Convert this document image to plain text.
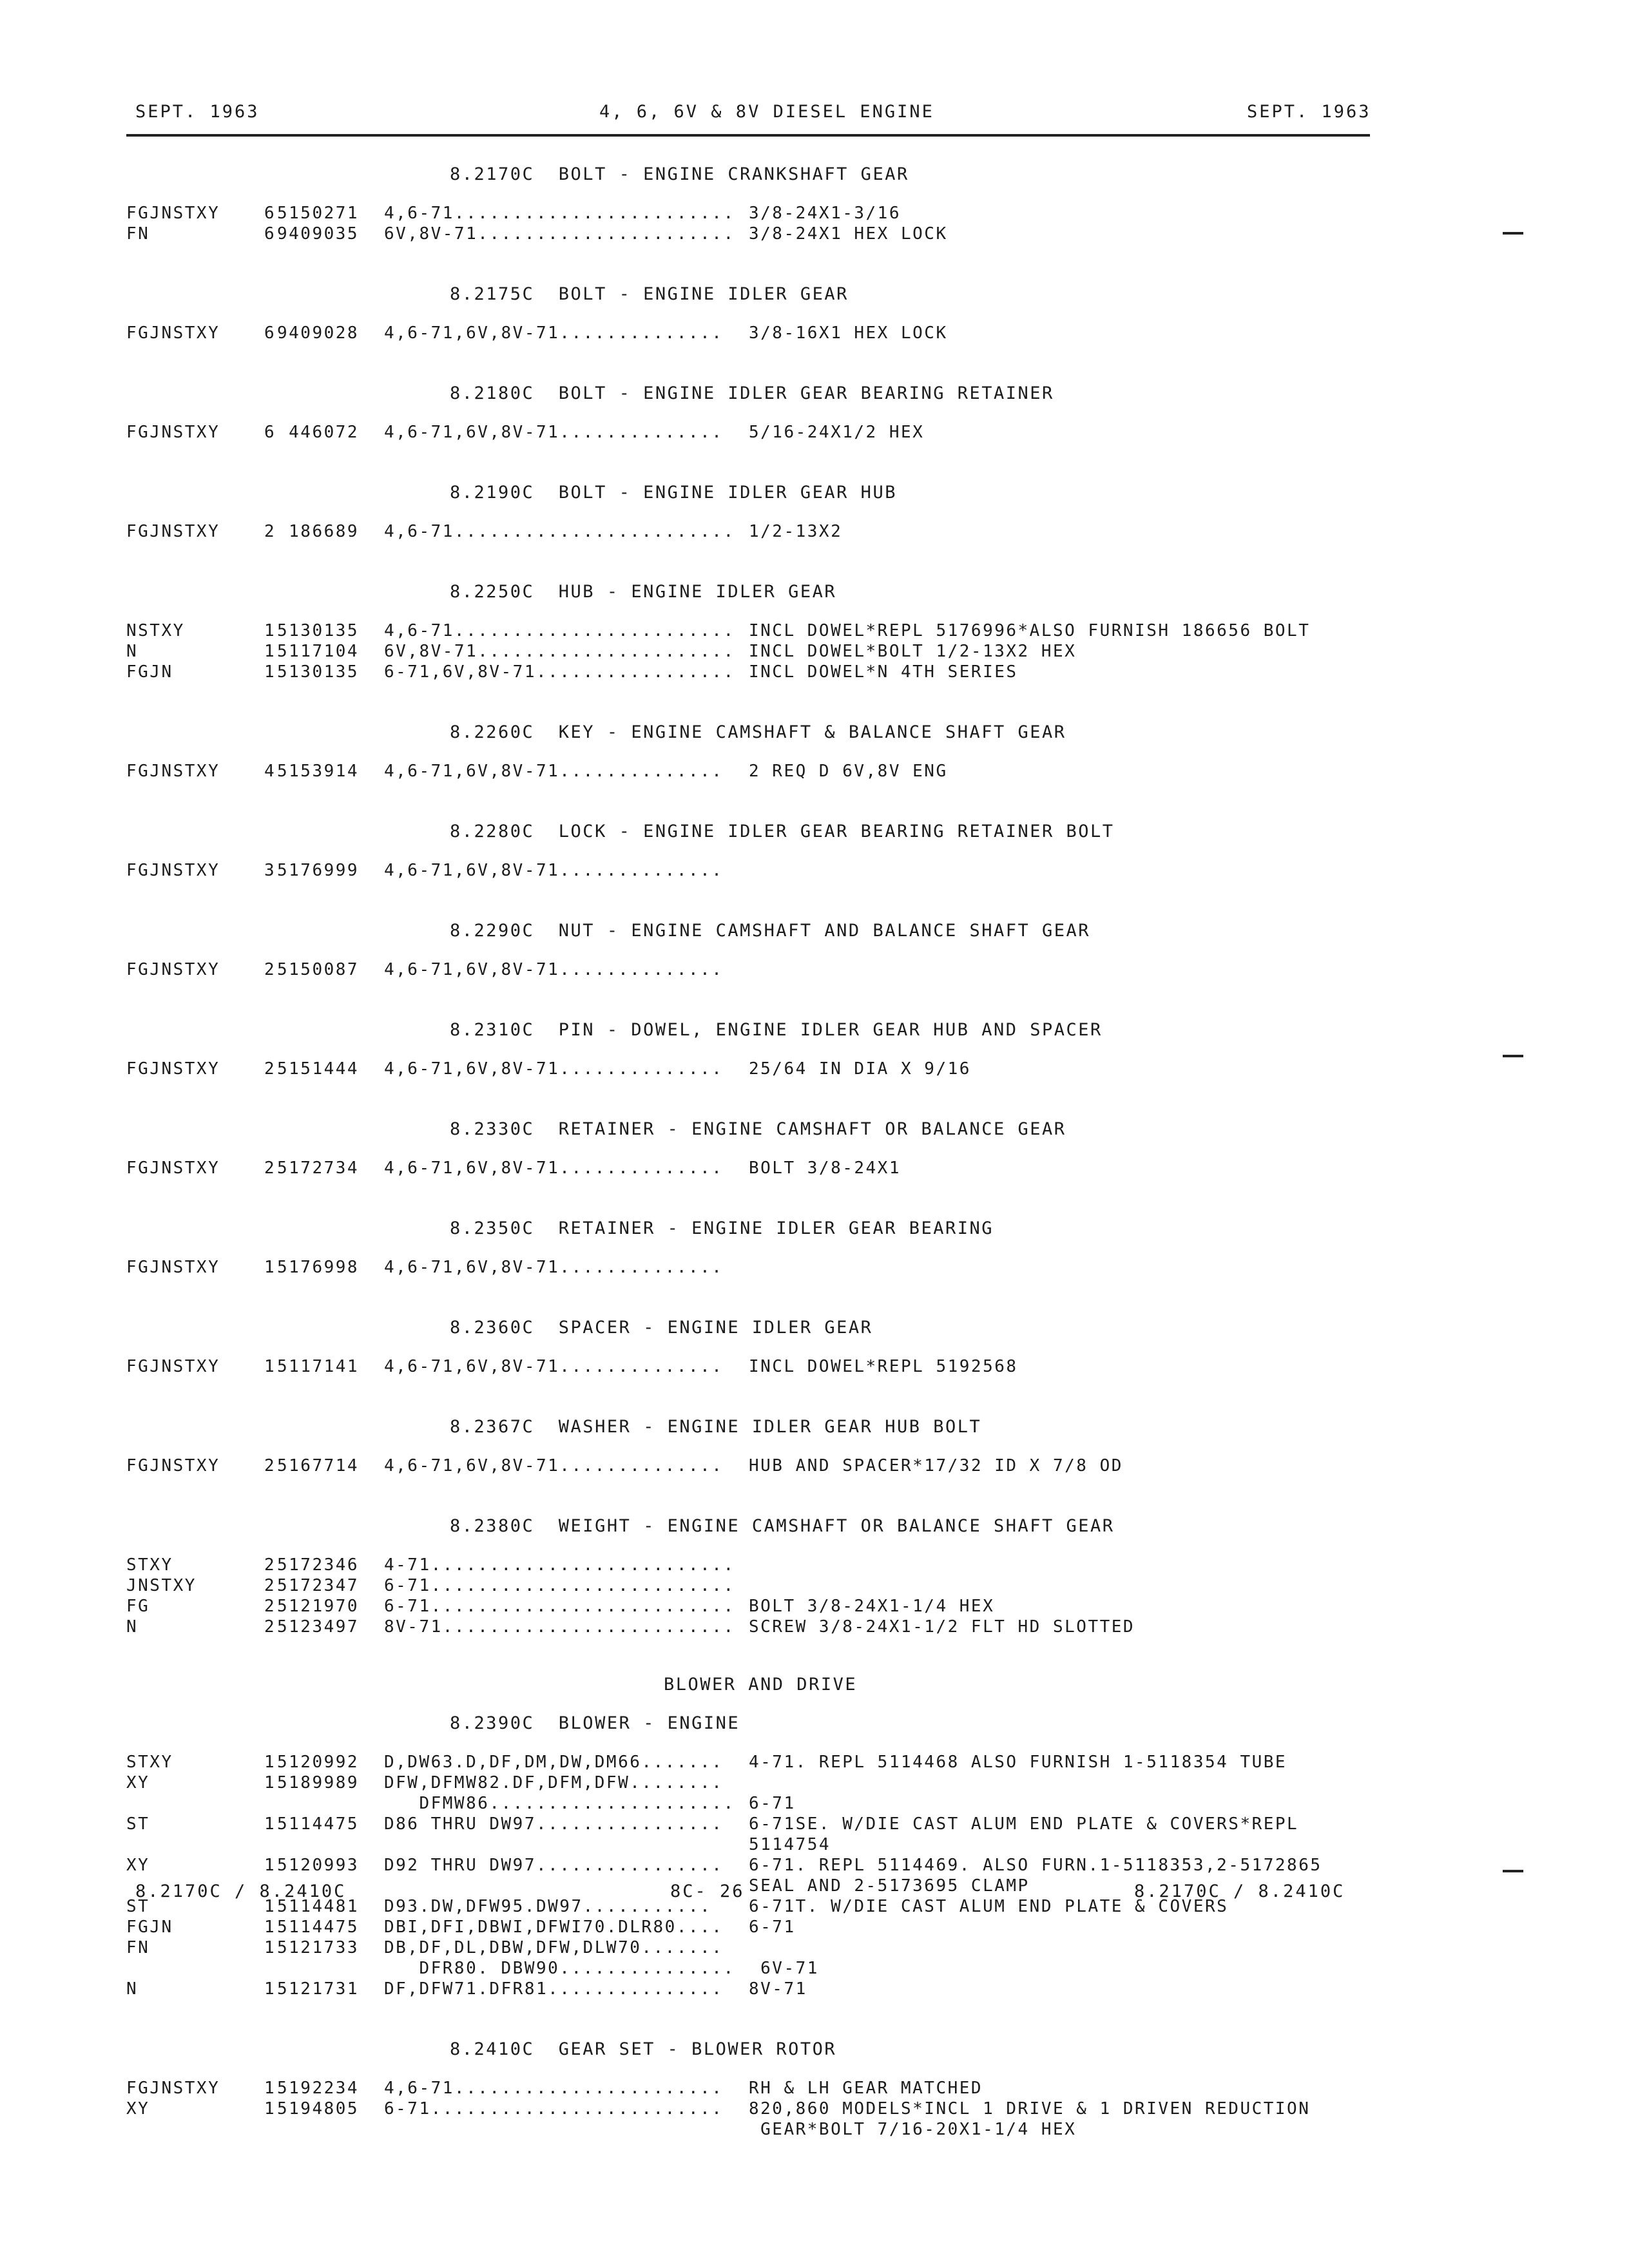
SEPT. 1963	4, 6, 6V & 8V DIESEL ENGINE	SEPT. 1963
8.2170C  BOLT - ENGINE CRANKSHAFT GEAR
FGJNSTXY	6 5150271 4,6-71........................ 3/8-24X1-3/16
FN	6 9409035 6V,8V-71...................... 3/8-24X1 HEX LOCK
8.2175C  BOLT - ENGINE IDLER GEAR
FGJNSTXY	6 9409028 4,6-71,6V,8V-71.............. 3/8-16X1 HEX LOCK
8.2180C  BOLT - ENGINE IDLER GEAR BEARING RETAINER
FGJNSTXY	6 446072 4,6-71,6V,8V-71.............. 5/16-24X1/2 HEX
8.2190C  BOLT - ENGINE IDLER GEAR HUB
FGJNSTXY	2 186689 4,6-71........................ 1/2-13X2
8.2250C  HUB - ENGINE IDLER GEAR
NSTXY	1 5130135 4,6-71........................ INCL DOWEL*REPL 5176996*ALSO FURNISH 186656 BOLT
N	1 5117104 6V,8V-71...................... INCL DOWEL*BOLT 1/2-13X2 HEX
FGJN	1 5130135 6-71,6V,8V-71................. INCL DOWEL*N 4TH SERIES
8.2260C  KEY - ENGINE CAMSHAFT & BALANCE SHAFT GEAR
FGJNSTXY	4 5153914 4,6-71,6V,8V-71.............. 2 REQ D 6V,8V ENG
8.2280C  LOCK - ENGINE IDLER GEAR BEARING RETAINER BOLT
FGJNSTXY	3 5176999 4,6-71,6V,8V-71..............
8.2290C  NUT - ENGINE CAMSHAFT AND BALANCE SHAFT GEAR
FGJNSTXY	2 5150087 4,6-71,6V,8V-71..............
8.2310C  PIN - DOWEL, ENGINE IDLER GEAR HUB AND SPACER
FGJNSTXY	2 5151444 4,6-71,6V,8V-71.............. 25/64 IN DIA X 9/16
8.2330C  RETAINER - ENGINE CAMSHAFT OR BALANCE GEAR
FGJNSTXY	2 5172734 4,6-71,6V,8V-71.............. BOLT 3/8-24X1
8.2350C  RETAINER - ENGINE IDLER GEAR BEARING
FGJNSTXY	1 5176998 4,6-71,6V,8V-71..............
8.2360C  SPACER - ENGINE IDLER GEAR
FGJNSTXY	1 5117141 4,6-71,6V,8V-71.............. INCL DOWEL*REPL 5192568
8.2367C  WASHER - ENGINE IDLER GEAR HUB BOLT
FGJNSTXY	2 5167714 4,6-71,6V,8V-71.............. HUB AND SPACER*17/32 ID X 7/8 OD
8.2380C  WEIGHT - ENGINE CAMSHAFT OR BALANCE SHAFT GEAR
STXY	2 5172346 4-71..........................
JNSTXY	2 5172347 6-71..........................
FG	2 5121970 6-71.......................... BOLT 3/8-24X1-1/4 HEX
N	2 5123497 8V-71......................... SCREW 3/8-24X1-1/2 FLT HD SLOTTED
BLOWER AND DRIVE
8.2390C  BLOWER - ENGINE
STXY	1 5120992 D,DW63.D,DF,DM,DW,DM66....... 4-71. REPL 5114468 ALSO FURNISH 1-5118354 TUBE
XY	1 5189989 DFW,DFMW82.DF,DFM,DFW........
DFMW86..................... 6-71
ST	1 5114475 D86 THRU DW97................ 6-71SE. W/DIE CAST ALUM END PLATE & COVERS*REPL
5114754
XY	1 5120993 D92 THRU DW97................ 6-71. REPL 5114469. ALSO FURN.1-5118353,2-5172865
SEAL AND 2-5173695 CLAMP
ST	1 5114481 D93.DW,DFW95.DW97........... 6-71T. W/DIE CAST ALUM END PLATE & COVERS
FGJN	1 5114475 DBI,DFI,DBWI,DFWI70.DLR80.... 6-71
FN	1 5121733 DB,DF,DL,DBW,DFW,DLW70.......
DFR80. DBW90............... 6V-71
N	1 5121731 DF,DFW71.DFR81............... 8V-71
8.2410C  GEAR SET - BLOWER ROTOR
FGJNSTXY	1 5192234 4,6-71....................... RH & LH GEAR MATCHED
XY	1 5194805 6-71......................... 820,860 MODELS*INCL 1 DRIVE & 1 DRIVEN REDUCTION
GEAR*BOLT 7/16-20X1-1/4 HEX
8.2170C / 8.2410C	8C- 26	8.2170C / 8.2410C
